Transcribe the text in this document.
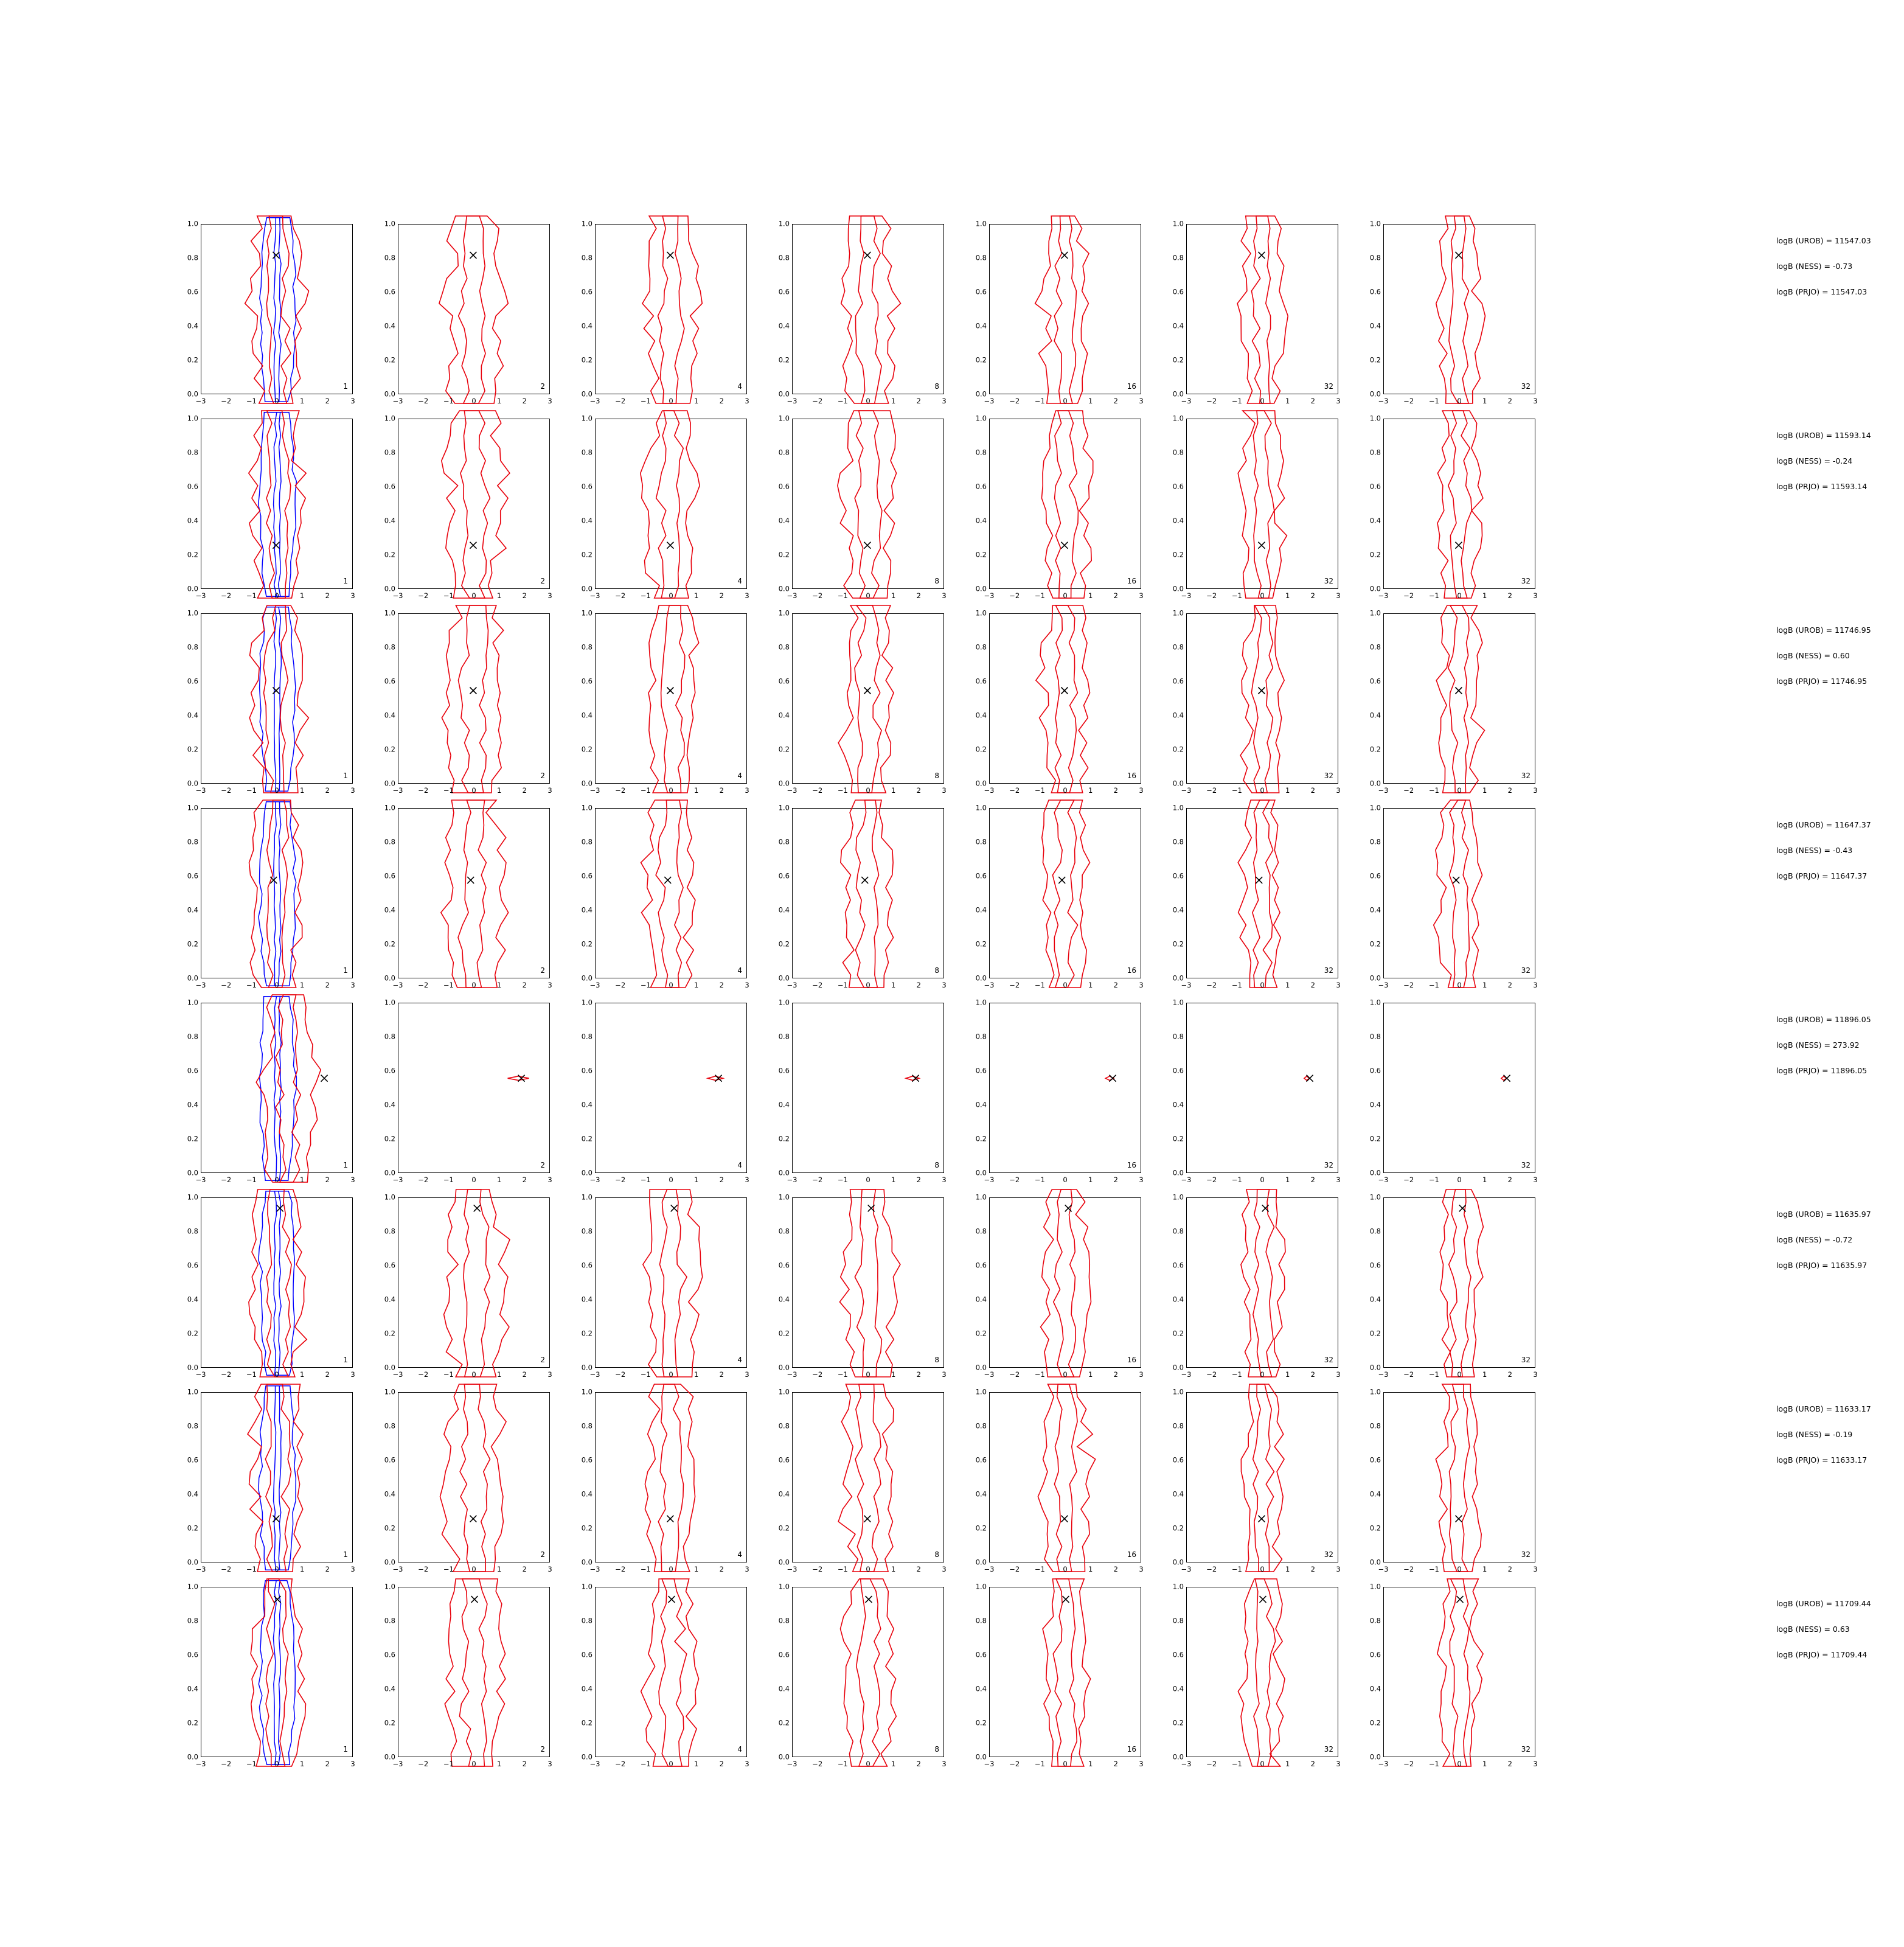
0.0
0.2
0.4
0.6
0.8
1.0
−3 −2 −1	0	1	2	3
1
0.0
0.2
0.4
0.6
0.8
1.0
−3 −2 −1	0	1	2	3
2
0.0
0.2
0.4
0.6
0.8
1.0
−3 −2 −1	0	1	2	3
4
0.0
0.2
0.4
0.6
0.8
1.0
−3 −2 −1	0	1	2	3
8
0.0
0.2
0.4
0.6
0.8
1.0
−3 −2 −1	0	1	2	3
16
0.0
0.2
0.4
0.6
0.8
1.0
−3 −2 −1	0	1	2	3
32
0.0
0.2
0.4
0.6
0.8
1.0
−3 −2 −1	0	1	2	3
32
logB (UROB) = 11547.03
logB (NESS) = -0.73
logB (PRJO) = 11547.03
0.0
0.2
0.4
0.6
0.8
1.0
−3 −2 −1	0	1	2	3
1
0.0
0.2
0.4
0.6
0.8
1.0
−3 −2 −1	0	1	2	3
2
0.0
0.2
0.4
0.6
0.8
1.0
−3 −2 −1	0	1	2	3
4
0.0
0.2
0.4
0.6
0.8
1.0
−3 −2 −1	0	1	2	3
8
0.0
0.2
0.4
0.6
0.8
1.0
−3 −2 −1	0	1	2	3
16
0.0
0.2
0.4
0.6
0.8
1.0
−3 −2 −1	0	1	2	3
32
0.0
0.2
0.4
0.6
0.8
1.0
−3 −2 −1	0	1	2	3
32
logB (UROB) = 11593.14
logB (NESS) = -0.24
logB (PRJO) = 11593.14
0.0
0.2
0.4
0.6
0.8
1.0
−3 −2 −1	0	1	2	3
1
0.0
0.2
0.4
0.6
0.8
1.0
−3 −2 −1	0	1	2	3
2
0.0
0.2
0.4
0.6
0.8
1.0
−3 −2 −1	0	1	2	3
4
0.0
0.2
0.4
0.6
0.8
1.0
−3 −2 −1	0	1	2	3
8
0.0
0.2
0.4
0.6
0.8
1.0
−3 −2 −1	0	1	2	3
16
0.0
0.2
0.4
0.6
0.8
1.0
−3 −2 −1	0	1	2	3
32
0.0
0.2
0.4
0.6
0.8
1.0
−3 −2 −1	0	1	2	3
32
logB (UROB) = 11746.95
logB (NESS) = 0.60
logB (PRJO) = 11746.95
0.0
0.2
0.4
0.6
0.8
1.0
−3 −2 −1	0	1	2	3
1
0.0
0.2
0.4
0.6
0.8
1.0
−3 −2 −1	0	1	2	3
2
0.0
0.2
0.4
0.6
0.8
1.0
−3 −2 −1	0	1	2	3
4
0.0
0.2
0.4
0.6
0.8
1.0
−3 −2 −1	0	1	2	3
8
0.0
0.2
0.4
0.6
0.8
1.0
−3 −2 −1	0	1	2	3
16
0.0
0.2
0.4
0.6
0.8
1.0
−3 −2 −1	0	1	2	3
32
0.0
0.2
0.4
0.6
0.8
1.0
−3 −2 −1	0	1	2	3
32
logB (UROB) = 11647.37
logB (NESS) = -0.43
logB (PRJO) = 11647.37
0.0
0.2
0.4
0.6
0.8
1.0
−3 −2 −1	0	1	2	3
1
0.0
0.2
0.4
0.6
0.8
1.0
−3 −2 −1	0	1	2	3
2
0.0
0.2
0.4
0.6
0.8
1.0
−3 −2 −1	0	1	2	3
4
0.0
0.2
0.4
0.6
0.8
1.0
−3 −2 −1	0	1	2	3
8
0.0
0.2
0.4
0.6
0.8
1.0
−3 −2 −1	0	1	2	3
16
0.0
0.2
0.4
0.6
0.8
1.0
−3 −2 −1	0	1	2	3
32
0.0
0.2
0.4
0.6
0.8
1.0
−3 −2 −1	0	1	2	3
32
logB (UROB) = 11896.05
logB (NESS) = 273.92
logB (PRJO) = 11896.05
0.0
0.2
0.4
0.6
0.8
1.0
−3 −2 −1	0	1	2	3
1
0.0
0.2
0.4
0.6
0.8
1.0
−3 −2 −1	0	1	2	3
2
0.0
0.2
0.4
0.6
0.8
1.0
−3 −2 −1	0	1	2	3
4
0.0
0.2
0.4
0.6
0.8
1.0
−3 −2 −1	0	1	2	3
8
0.0
0.2
0.4
0.6
0.8
1.0
−3 −2 −1	0	1	2	3
16
0.0
0.2
0.4
0.6
0.8
1.0
−3 −2 −1	0	1	2	3
32
0.0
0.2
0.4
0.6
0.8
1.0
−3 −2 −1	0	1	2	3
32
logB (UROB) = 11635.97
logB (NESS) = -0.72
logB (PRJO) = 11635.97
0.0
0.2
0.4
0.6
0.8
1.0
−3 −2 −1	0	1	2	3
1
0.0
0.2
0.4
0.6
0.8
1.0
−3 −2 −1	0	1	2	3
2
0.0
0.2
0.4
0.6
0.8
1.0
−3 −2 −1	0	1	2	3
4
0.0
0.2
0.4
0.6
0.8
1.0
−3 −2 −1	0	1	2	3
8
0.0
0.2
0.4
0.6
0.8
1.0
−3 −2 −1	0	1	2	3
16
0.0
0.2
0.4
0.6
0.8
1.0
−3 −2 −1	0	1	2	3
32
0.0
0.2
0.4
0.6
0.8
1.0
−3 −2 −1	0	1	2	3
32
logB (UROB) = 11633.17
logB (NESS) = -0.19
logB (PRJO) = 11633.17
0.0
0.2
0.4
0.6
0.8
1.0
−3 −2 −1	0	1	2	3
1
0.0
0.2
0.4
0.6
0.8
1.0
−3 −2 −1	0	1	2	3
2
0.0
0.2
0.4
0.6
0.8
1.0
−3 −2 −1	0	1	2	3
4
0.0
0.2
0.4
0.6
0.8
1.0
−3 −2 −1	0	1	2	3
8
0.0
0.2
0.4
0.6
0.8
1.0
−3 −2 −1	0	1	2	3
16
0.0
0.2
0.4
0.6
0.8
1.0
−3 −2 −1	0	1	2	3
32
0.0
0.2
0.4
0.6
0.8
1.0
−3 −2 −1	0	1	2	3
32
logB (UROB) = 11709.44
logB (NESS) = 0.63
logB (PRJO) = 11709.44
